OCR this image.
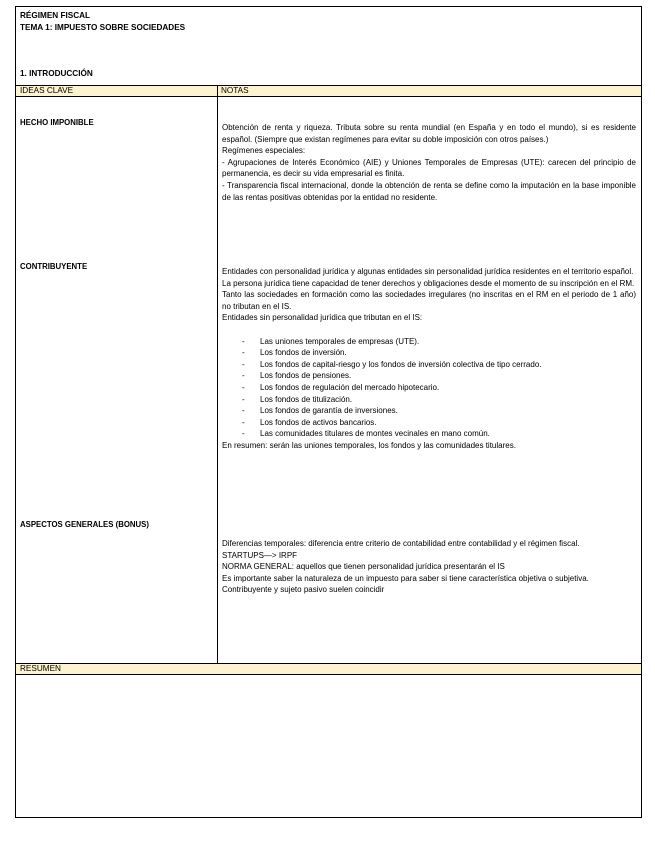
RÉGIMEN FISCAL
TEMA 1: IMPUESTO SOBRE SOCIEDADES
1. INTRODUCCIÓN
IDEAS CLAVE	NOTAS
HECHO IMPONIBLE
CONTRIBUYENTE
ASPECTOS GENERALES (BONUS)

Obtención de renta y riqueza. Tributa sobre su renta mundial (en España y en todo el mundo), si es residente español. (Siempre que existan regímenes para evitar su doble imposición con otros países.)

Regímenes especiales:

- Agrupaciones de Interés Económico (AIE) y Uniones Temporales de Empresas (UTE): carecen del principio de permanencia, es decir su vida empresarial es finita.

- Transparencia fiscal internacional, donde la obtención de renta se define como la imputación en la base imponible de las rentas positivas obtenidas por la entidad no residente.

Entidades con personalidad jurídica y algunas entidades sin personalidad jurídica residentes en el territorio español.

La persona jurídica tiene capacidad de tener derechos y obligaciones desde el momento de su inscripción en el RM.

Tanto las sociedades en formación como las sociedades irregulares (no inscritas en el RM en el periodo de 1 año) no tributan en el IS.

Entidades sin personalidad jurídica que tributan en el IS:

- Las uniones temporales de empresas (UTE).
- Los fondos de inversión.
- Los fondos de capital-riesgo y los fondos de inversión colectiva de tipo cerrado.
- Los fondos de pensiones.
- Los fondos de regulación del mercado hipotecario.
- Los fondos de titulización.
- Los fondos de garantía de inversiones.
- Los fondos de activos bancarios.
- Las comunidades titulares de montes vecinales en mano común.

En resumen: serán las uniones temporales, los fondos y las comunidades titulares.

Diferencias temporales: diferencia entre criterio de contabilidad entre contabilidad y el régimen fiscal.

STARTUPS—> IRPF

NORMA GENERAL: aquellos que tienen personalidad jurídica presentarán el IS

Es importante saber la naturaleza de un impuesto para saber si tiene característica objetiva o subjetiva.

Contribuyente y sujeto pasivo suelen coincidir

RESUMEN
